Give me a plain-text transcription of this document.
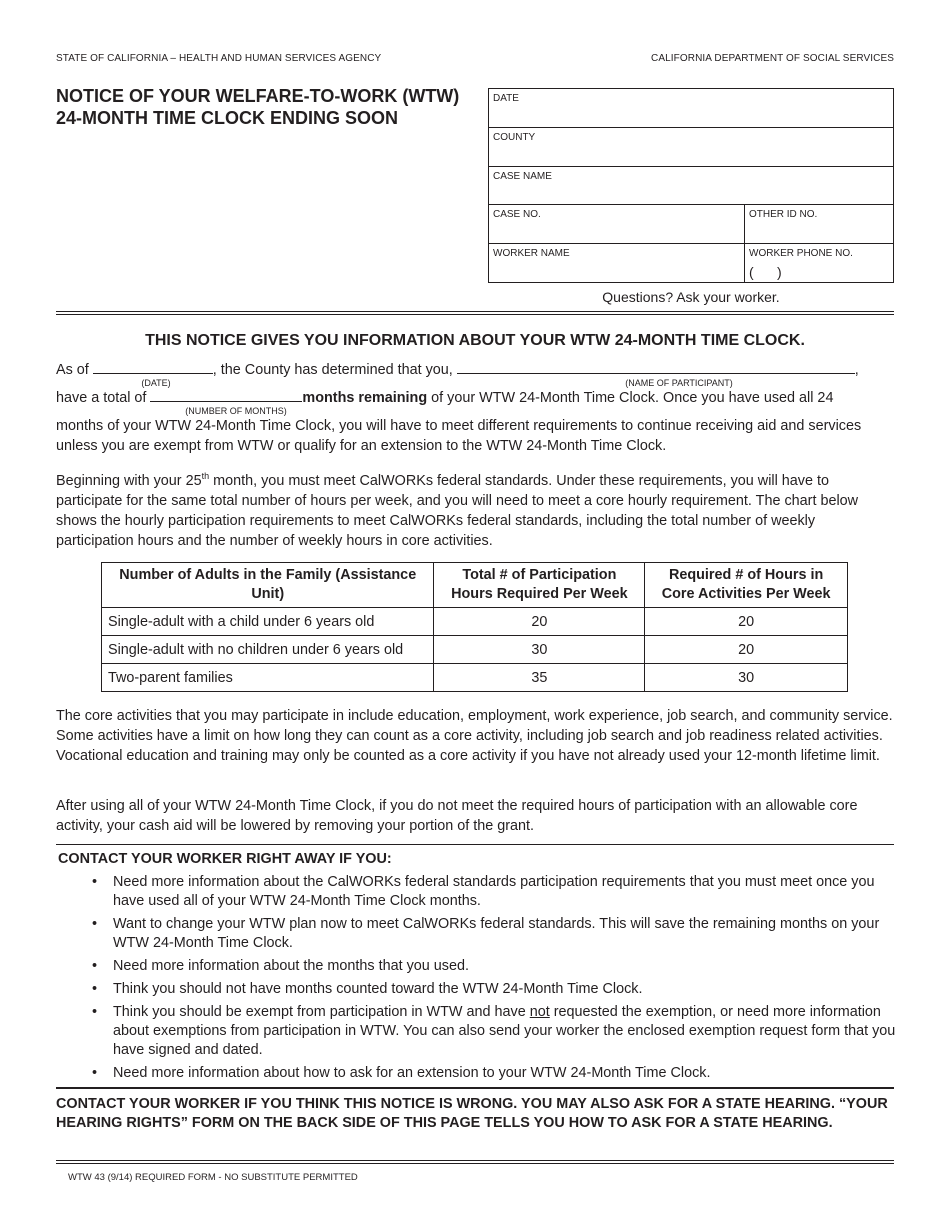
STATE OF CALIFORNIA – HEALTH AND HUMAN SERVICES AGENCY	CALIFORNIA DEPARTMENT OF SOCIAL SERVICES
NOTICE OF YOUR WELFARE-TO-WORK (WTW)
24-MONTH TIME CLOCK ENDING SOON
DATE
COUNTY
CASE NAME
CASE NO.	OTHER ID NO.
WORKER NAME	WORKER PHONE NO.
(      )
Questions? Ask your worker.
THIS NOTICE GIVES YOU INFORMATION ABOUT YOUR WTW 24-MONTH TIME CLOCK.
As of	, the County has determined that you,	,
(DATE)	(NAME OF PARTICIPANT)
have a total of	months remaining of your WTW 24-Month Time Clock. Once you have used all 24
(NUMBER OF MONTHS)
months of your WTW 24-Month Time Clock, you will have to meet different requirements to continue receiving aid and services unless you are exempt from WTW or qualify for an extension to the WTW 24-Month Time Clock.
Beginning with your 25th month, you must meet CalWORKs federal standards. Under these requirements, you will have to participate for the same total number of hours per week, and you will need to meet a core hourly requirement. The chart below shows the hourly participation requirements to meet CalWORKs federal standards, including the total number of weekly participation hours and the number of weekly hours in core activities.
Number of Adults in the Family (Assistance Unit)	Total # of Participation Hours Required Per Week	Required # of Hours in Core Activities Per Week
Single-adult with a child under 6 years old	20	20
Single-adult with no children under 6 years old	30	20
Two-parent families	35	30
The core activities that you may participate in include education, employment, work experience, job search, and community service. Some activities have a limit on how long they can count as a core activity, including job search and job readiness related activities. Vocational education and training may only be counted as a core activity if you have not already used your 12-month lifetime limit.
After using all of your WTW 24-Month Time Clock, if you do not meet the required hours of participation with an allowable core activity, your cash aid will be lowered by removing your portion of the grant.
CONTACT YOUR WORKER RIGHT AWAY IF YOU:
• Need more information about the CalWORKs federal standards participation requirements that you must meet once you have used all of your WTW 24-Month Time Clock months.
• Want to change your WTW plan now to meet CalWORKs federal standards. This will save the remaining months on your WTW 24-Month Time Clock.
• Need more information about the months that you used.
• Think you should not have months counted toward the WTW 24-Month Time Clock.
• Think you should be exempt from participation in WTW and have not requested the exemption, or need more information about exemptions from participation in WTW. You can also send your worker the enclosed exemption request form that you have signed and dated.
• Need more information about how to ask for an extension to your WTW 24-Month Time Clock.
CONTACT YOUR WORKER IF YOU THINK THIS NOTICE IS WRONG. YOU MAY ALSO ASK FOR A STATE HEARING. “YOUR HEARING RIGHTS” FORM ON THE BACK SIDE OF THIS PAGE TELLS YOU HOW TO ASK FOR A STATE HEARING.
WTW 43 (9/14) REQUIRED FORM - NO SUBSTITUTE PERMITTED
